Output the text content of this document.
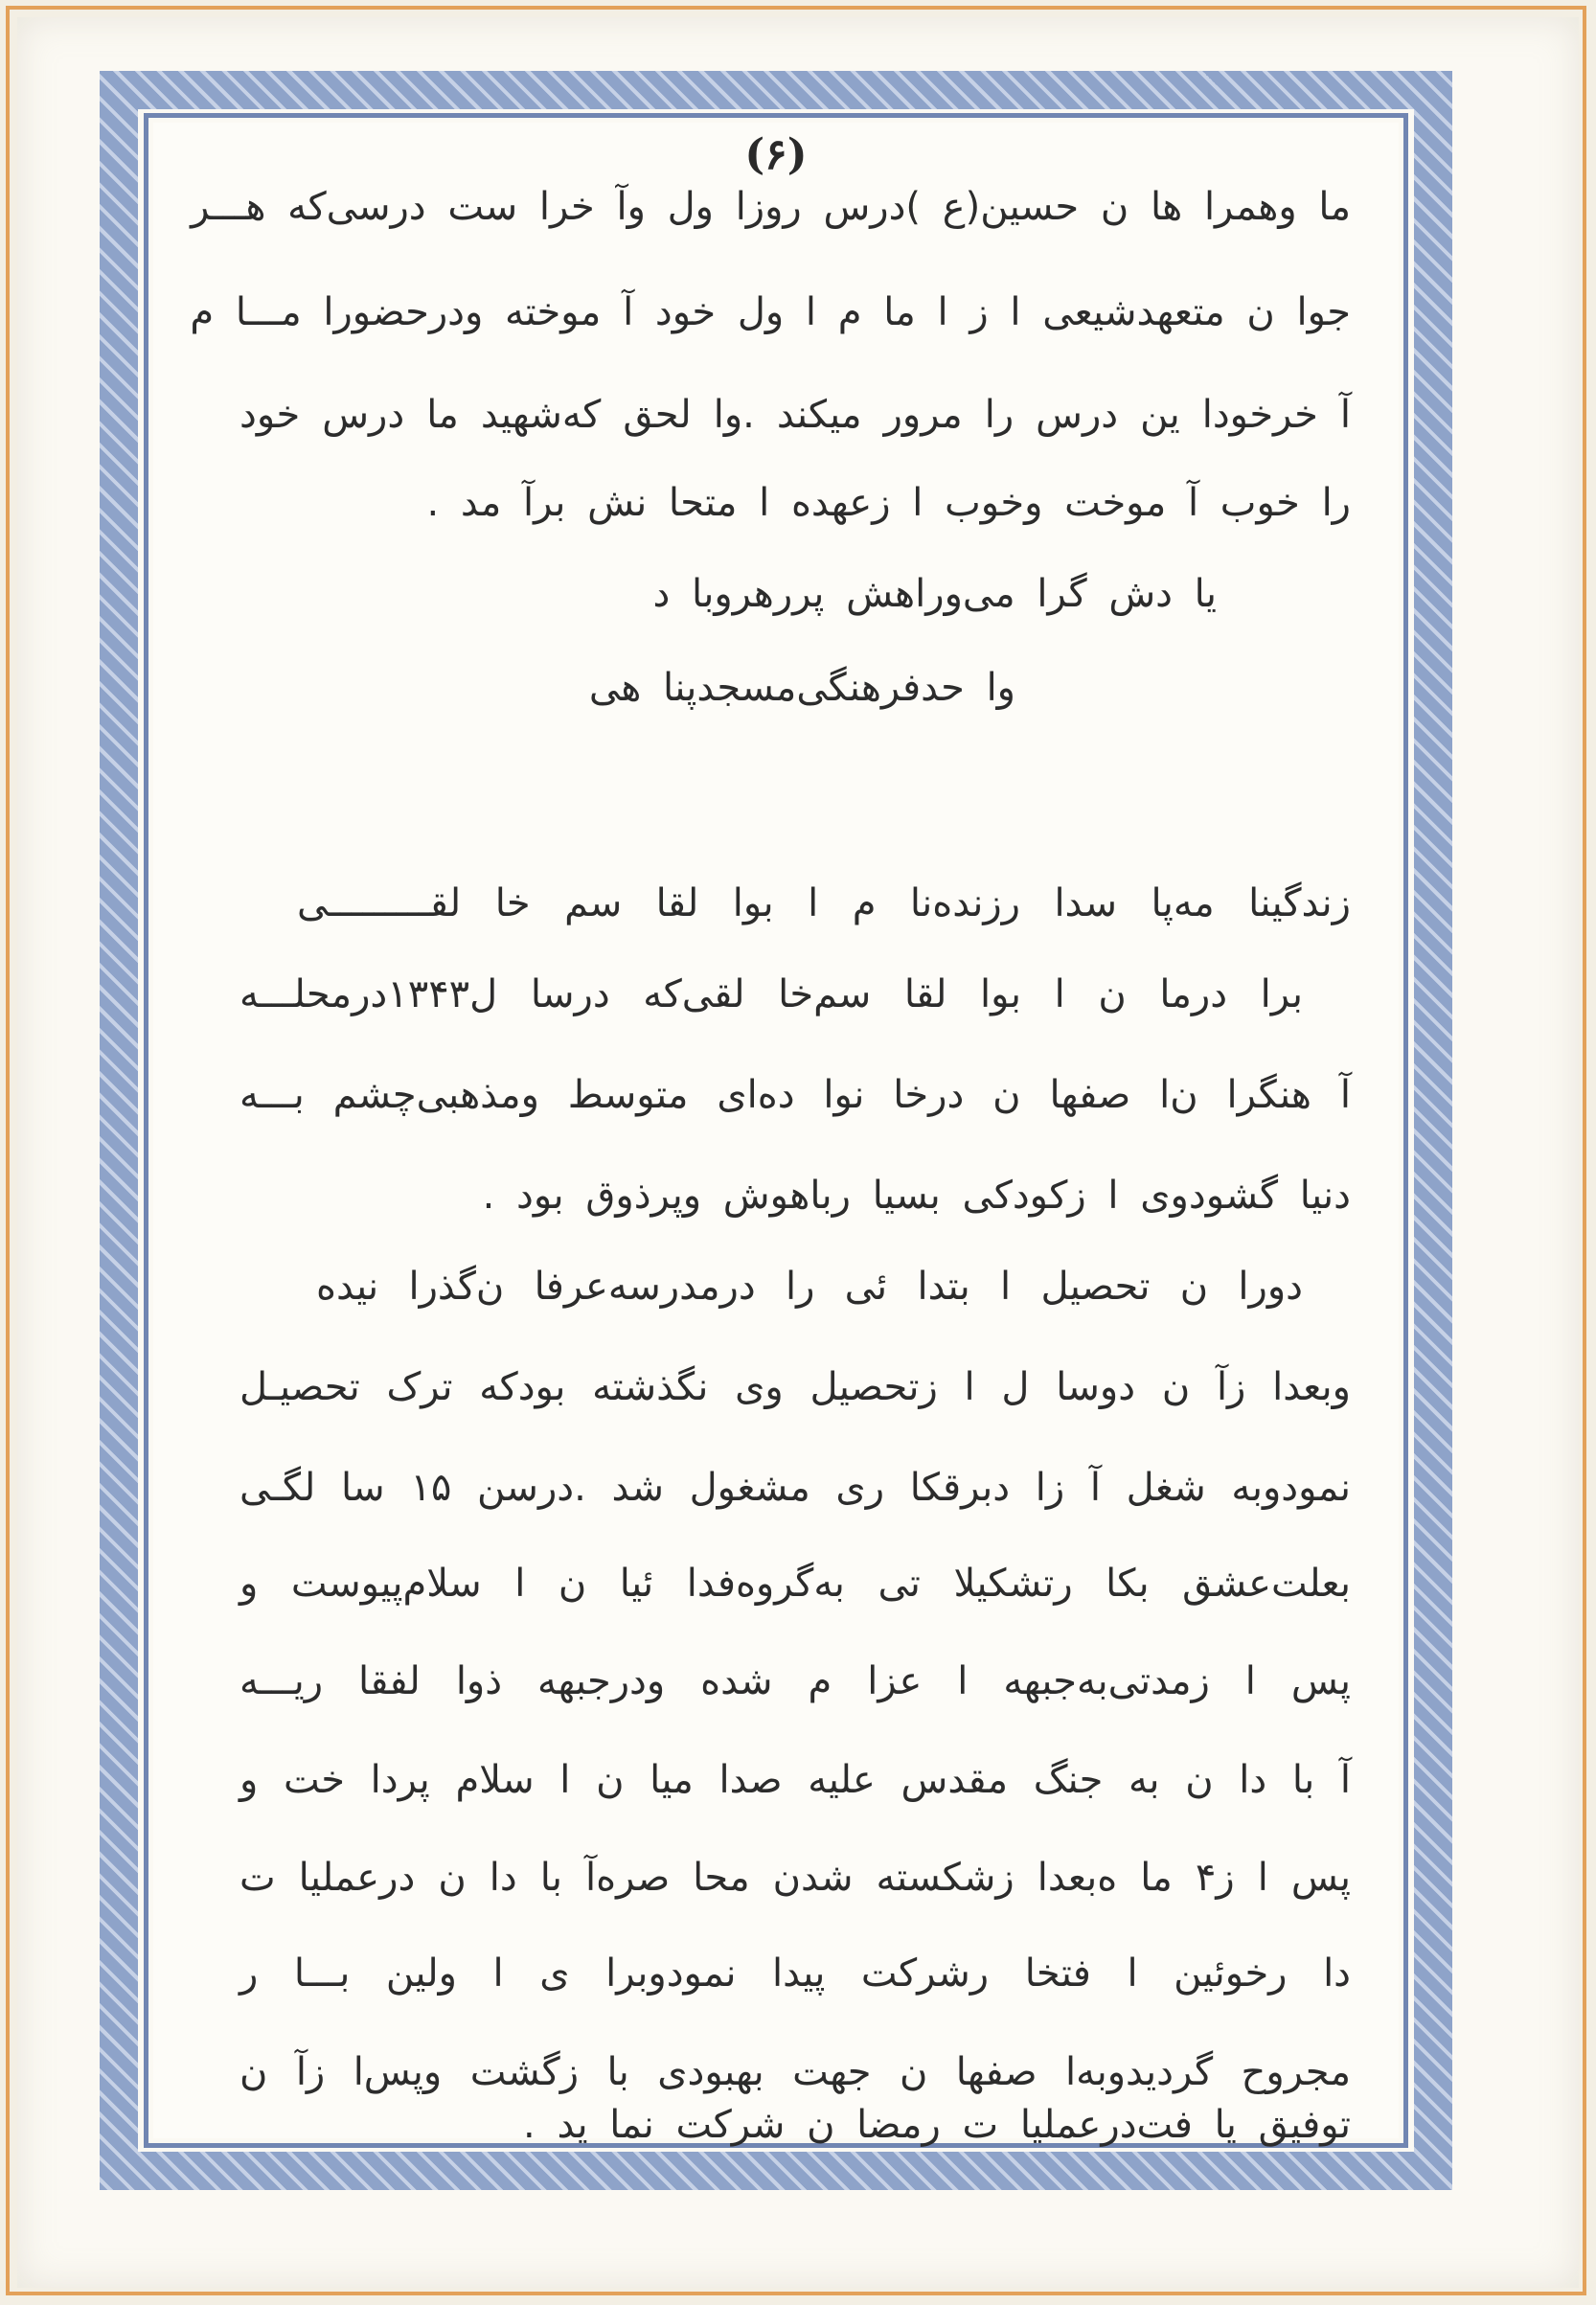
(۶)
ما وهمرا ها ن حسین(ع )درس روزا ول وآ خرا ست درسی‌که هـــر
جوا ن متعهدشیعی ا ز ا ما م ا ول خود آ موخته ودرحضورا مـــا م
آ خرخودا ین درس را مرور میکند .وا لحق که‌شهید ما درس خود
را خوب آ موخت وخوب ا زعهده ا متحا نش برآ مد .
یا دش گرا می‌وراهش پررهروبا د
وا حدفرهنگی‌مسجدپنا هی
زندگینا مه‌پا سدا رزنده‌نا م ا بوا لقا سم خا لقـــــــــی
برا درما ن ا بوا لقا سم‌خا لقی‌که درسا ل۱۳۴۳درمحلـــه
آ هنگرا ن‌ا صفها ن درخا نوا ده‌ای متوسط ومذهبی‌چشم بـــه
دنیا گشودوی ا زکودکی بسیا رباهوش وپرذوق بود .
دورا ن تحصیل ا بتدا ئی را درمدرسه‌عرفا ن‌گذرا نیده
وبعدا زآ ن دوسا ل ا زتحصیل وی نگذشته بودکه ترک تحصیـل
نمودوبه شغل آ زا دبرقکا ری مشغول شد .درسن ۱۵ سا لگـی
بعلت‌عشق بکا رتشکیلا تی به‌گروه‌فدا ئیا ن ا سلام‌پیوست و
پس ا زمدتی‌به‌جبهه ا عزا م شده ودرجبهه ذوا لفقا ریـــه
آ با دا ن به جنگ مقدس علیه صدا میا ن ا سلام پردا خت و
پس ا ز۴ ما ه‌بعدا زشکسته شدن محا صره‌آ با دا ن درعملیا ت
دا رخوئین ا فتخا رشرکت پیدا نمودوبرا ی ا ولین بـــا ر
مجروح گردیدوبه‌ا صفها ن جهت بهبودی با زگشت وپس‌ا زآ ن
توفیق یا فت‌درعملیا ت رمضا ن شرکت نما ید .
